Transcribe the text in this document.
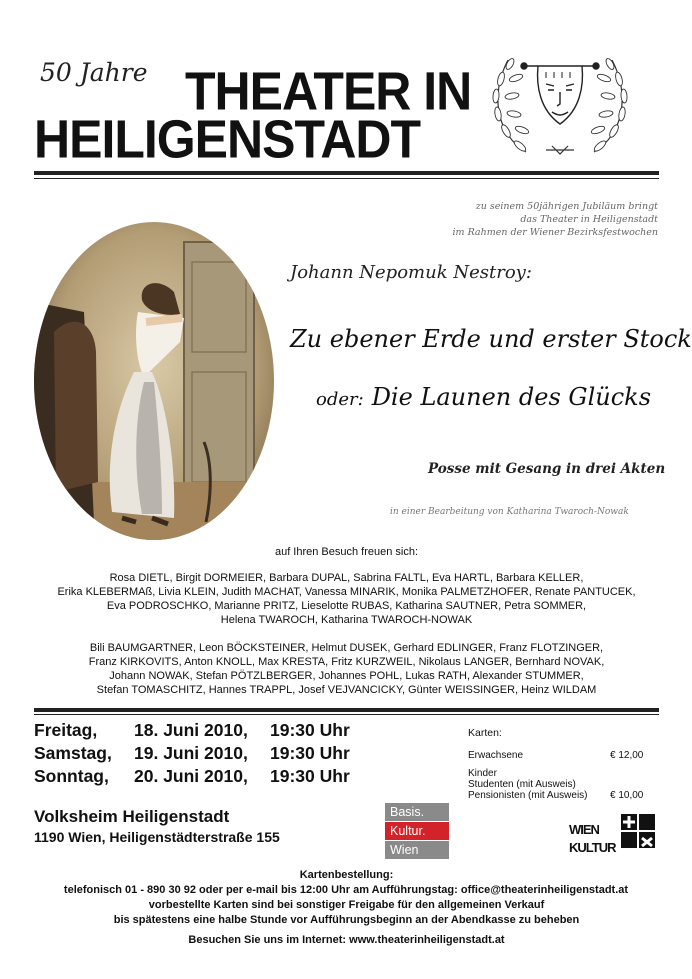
50 Jahre THEATER IN
HEILIGENSTADT
zu seinem 50jährigen Jubiläum bringt
das Theater in Heiligenstadt
im Rahmen der Wiener Bezirksfestwochen
Johann Nepomuk Nestroy:
Zu ebener Erde und erster Stock
oder: Die Launen des Glücks
Posse mit Gesang in drei Akten
in einer Bearbeitung von Katharina Twaroch-Nowak
auf Ihren Besuch freuen sich:
Rosa DIETL, Birgit DORMEIER, Barbara DUPAL, Sabrina FALTL, Eva HARTL, Barbara KELLER,
Erika KLEBERMAß, Livia KLEIN, Judith MACHAT, Vanessa MINARIK, Monika PALMETZHOFER, Renate PANTUCEK,
Eva PODROSCHKO, Marianne PRITZ, Lieselotte RUBAS, Katharina SAUTNER, Petra SOMMER,
Helena TWAROCH, Katharina TWAROCH-NOWAK
Bili BAUMGARTNER, Leon BÖCKSTEINER, Helmut DUSEK, Gerhard EDLINGER, Franz FLOTZINGER,
Franz KIRKOVITS, Anton KNOLL, Max KRESTA, Fritz KURZWEIL, Nikolaus LANGER, Bernhard NOVAK,
Johann NOWAK, Stefan PÖTZLBERGER, Johannes POHL, Lukas RATH, Alexander STUMMER,
Stefan TOMASCHITZ, Hannes TRAPPL, Josef VEJVANCICKY, Günter WEISSINGER, Heinz WILDAM
Freitag, 18. Juni 2010, 19:30 Uhr
Samstag, 19. Juni 2010, 19:30 Uhr
Sonntag, 20. Juni 2010, 19:30 Uhr
Karten:
Erwachsene	€ 12,00
Kinder
Studenten (mit Ausweis)
Pensionisten (mit Ausweis) € 10,00
Volksheim Heiligenstadt
1190 Wien, Heiligenstädterstraße 155
Basis.
Kultur.
Wien
WIEN
KULTUR
Kartenbestellung:
telefonisch 01 - 890 30 92 oder per e-mail bis 12:00 Uhr am Aufführungstag: office@theaterinheiligenstadt.at
vorbestellte Karten sind bei sonstiger Freigabe für den allgemeinen Verkauf
bis spätestens eine halbe Stunde vor Aufführungsbeginn an der Abendkasse zu beheben
Besuchen Sie uns im Internet: www.theaterinheiligenstadt.at
